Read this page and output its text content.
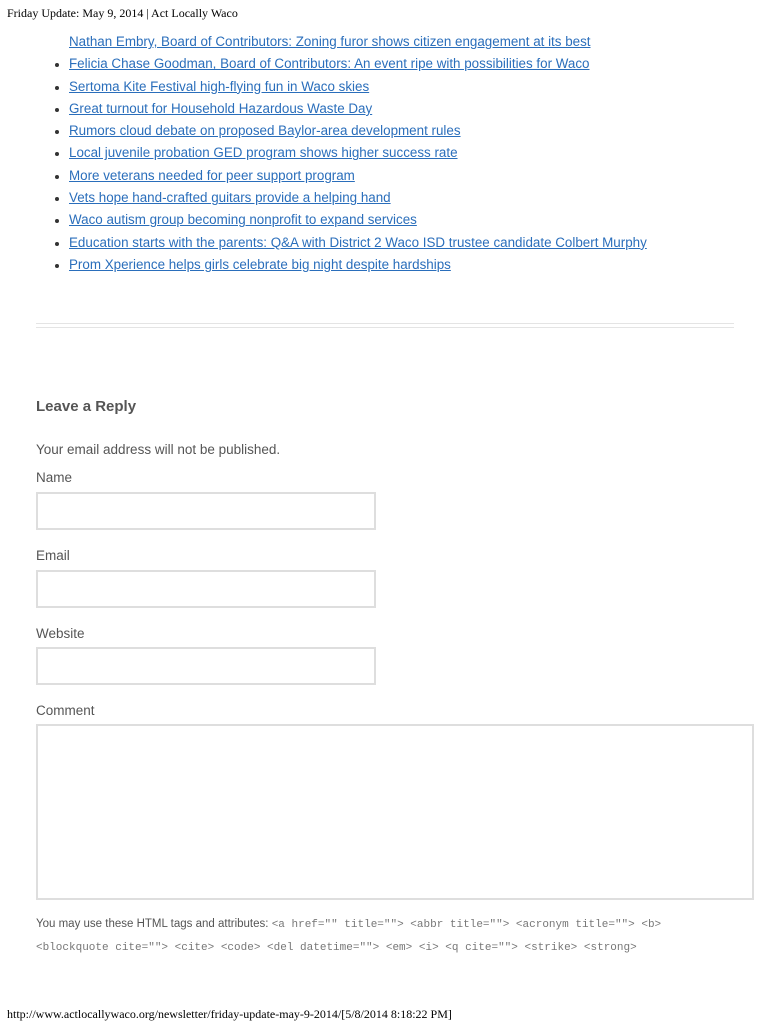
Friday Update: May 9, 2014 | Act Locally Waco
Nathan Embry, Board of Contributors: Zoning furor shows citizen engagement at its best
Felicia Chase Goodman, Board of Contributors: An event ripe with possibilities for Waco
Sertoma Kite Festival high-flying fun in Waco skies
Great turnout for Household Hazardous Waste Day
Rumors cloud debate on proposed Baylor-area development rules
Local juvenile probation GED program shows higher success rate
More veterans needed for peer support program
Vets hope hand-crafted guitars provide a helping hand
Waco autism group becoming nonprofit to expand services
Education starts with the parents: Q&A with District 2 Waco ISD trustee candidate Colbert Murphy
Prom Xperience helps girls celebrate big night despite hardships
Leave a Reply
Your email address will not be published.
Name
Email
Website
Comment
You may use these HTML tags and attributes: <a href="" title=""> <abbr title=""> <acronym title=""> <b>
<blockquote cite=""> <cite> <code> <del datetime=""> <em> <i> <q cite=""> <strike> <strong>
http://www.actlocallywaco.org/newsletter/friday-update-may-9-2014/[5/8/2014 8:18:22 PM]
